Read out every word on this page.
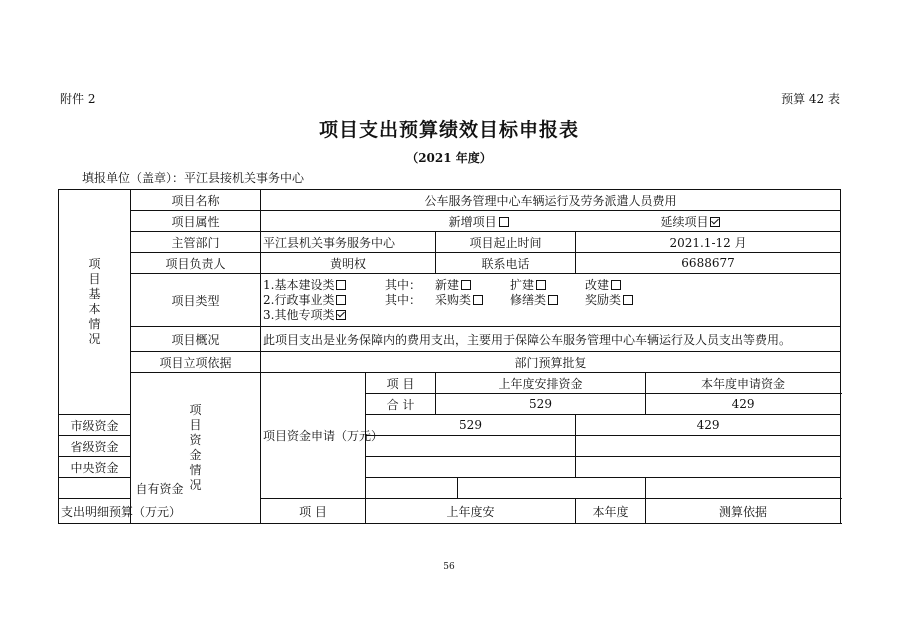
附件 2	预算 42 表
项目支出预算绩效目标申报表
（2021 年度）
填报单位（盖章）：平江县接机关事务中心
项目基本情况	项目名称	公车服务管理中心车辆运行及劳务派遣人员费用					
	项目属性	新增项目 延续项目					
	主管部门	平江县机关事务服务中心		项目起止时间		2021.1-12 月	
	项目负责人	黄明权		联系电话		6688677	
	项目类型	1.基本建设类 其中： 新建 扩建 改建
2.行政事业类 其中： 采购类 修缮类 奖励类
3.其他专项类					

	项目概况	此项目支出是业务保障内的费用支出，主要用于保障公车服务管理中心车辆运行及人员支出等费用。					
	项目立项依据	部门预算批复					
	项目资金情况	项目资金申请（万元）	项 目	上年度安排资金			本年度申请资金
			合 计	529			429
市级资金			529			429	
省级资金							
中央资金							
自有资金							
支出明细预算（万元）		项 目	上年度安			本年度	测算依据
56
